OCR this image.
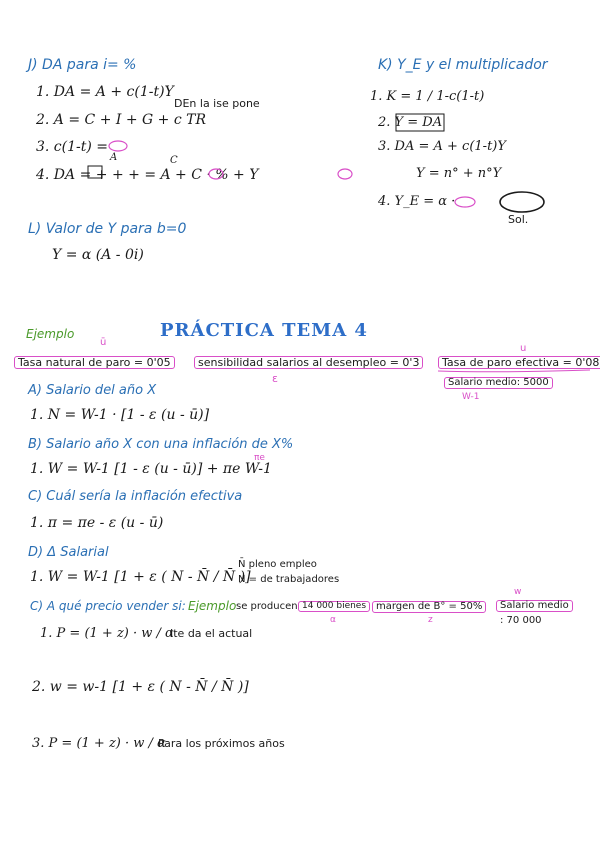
J) DA para i= %
1. DA = A + c(1-t)Y
2. A = C + I + G + c TR
DEn la ise pone
3. c(1-t) =
A	C
4. DA = + + + = A + C · % + Y
K) Y_E y el multiplicador
1. K = 1 / 1-c(1-t)
2. Y = DA
3. DA = A + c(1-t)Y
Y = n° + n°Y
4. Y_E = α ·
Sol.
L) Valor de Y para b=0
Y = α (A - 0i)
Ejemplo	PRÁCTICA TEMA 4
ū
Tasa natural de paro = 0'05	sensibilidad salarios al desempleo = 0'3
ε
Tasa de paro efectiva = 0'08
u
Salario medio: 5000
W-1
A) Salario del año X
1. N = W-1 · [1 - ε (u - ū)]
B) Salario año X con una inflación de X%
πe
1. W = W-1 [1 - ε (u - ū)] + πe W-1
C) Cuál sería la inflación efectiva
1. π = πe - ε (u - ū)
D) Δ Salarial
1. W = W-1 [1 + ε ( N - N̄ / N̄ )]
N̄ pleno empleo
N = de trabajadores
C) A qué precio vender si: Ejemplo se producen 14 000 bienes
α
margen de B° = 50%
z
w
Salario medio
: 70 000
1. P = (1 + z) · w / α
Ite da el actual
2. w = w-1 [1 + ε ( N - N̄ / N̄ )]
3. P = (1 + z) · w / α
Para los próximos años
